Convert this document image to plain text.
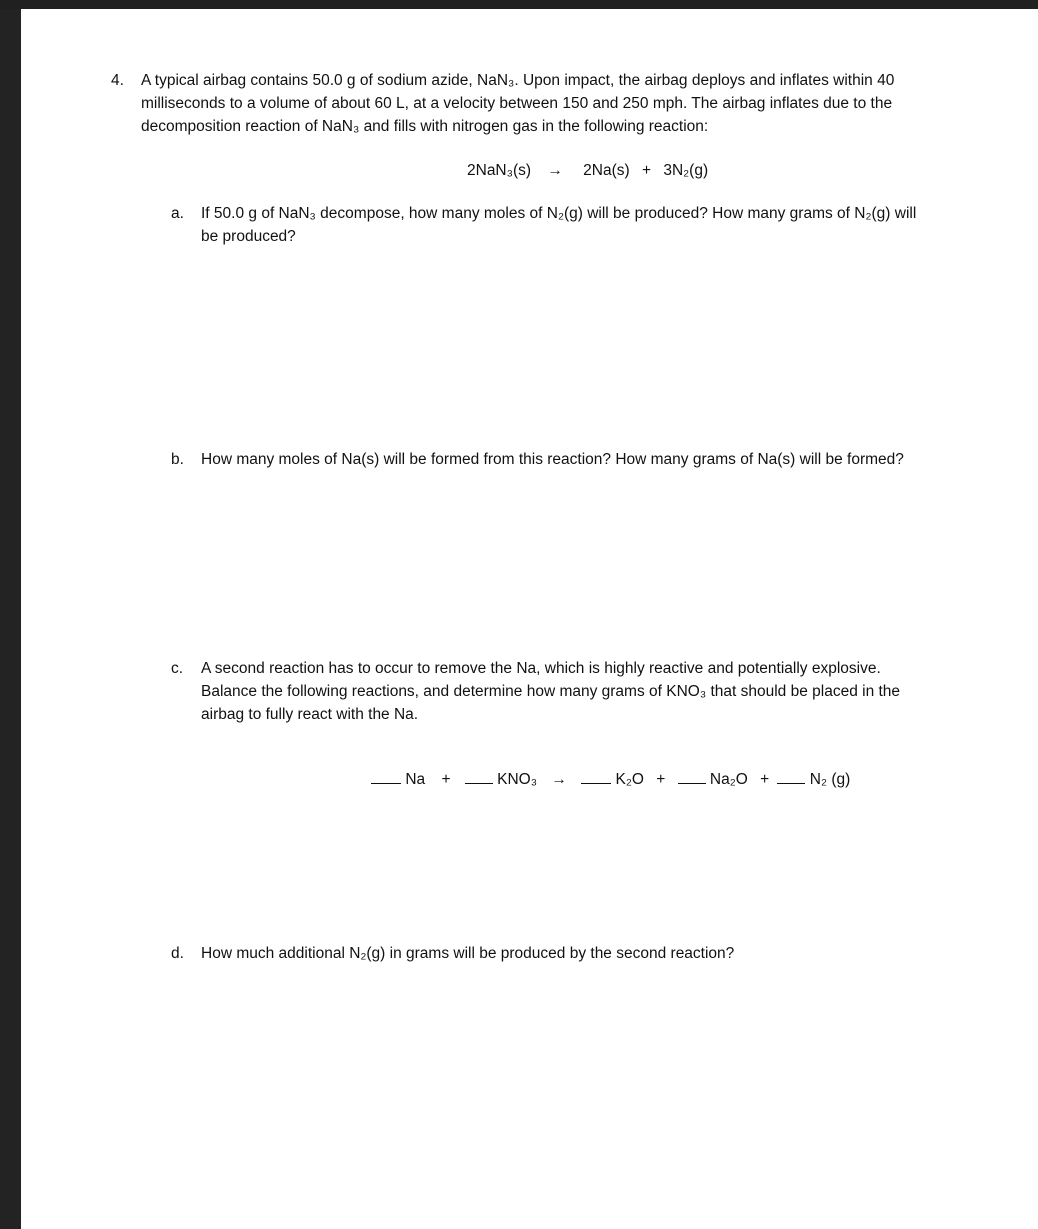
4. A typical airbag contains 50.0 g of sodium azide, NaN₃. Upon impact, the airbag deploys and inflates within 40
milliseconds to a volume of about 60 L, at a velocity between 150 and 250 mph. The airbag inflates due to the
decomposition reaction of NaN₃ and fills with nitrogen gas in the following reaction:
2NaN₃(s) → 2Na(s) + 3N₂(g)
a. If 50.0 g of NaN₃ decompose, how many moles of N₂(g) will be produced? How many grams of N₂(g) will
be produced?
b. How many moles of Na(s) will be formed from this reaction? How many grams of Na(s) will be formed?
c. A second reaction has to occur to remove the Na, which is highly reactive and potentially explosive.
Balance the following reactions, and determine how many grams of KNO₃ that should be placed in the
airbag to fully react with the Na.
Na +	KNO₃ →	K₂O +	Na₂O +	N₂ (g)
d. How much additional N₂(g) in grams will be produced by the second reaction?
